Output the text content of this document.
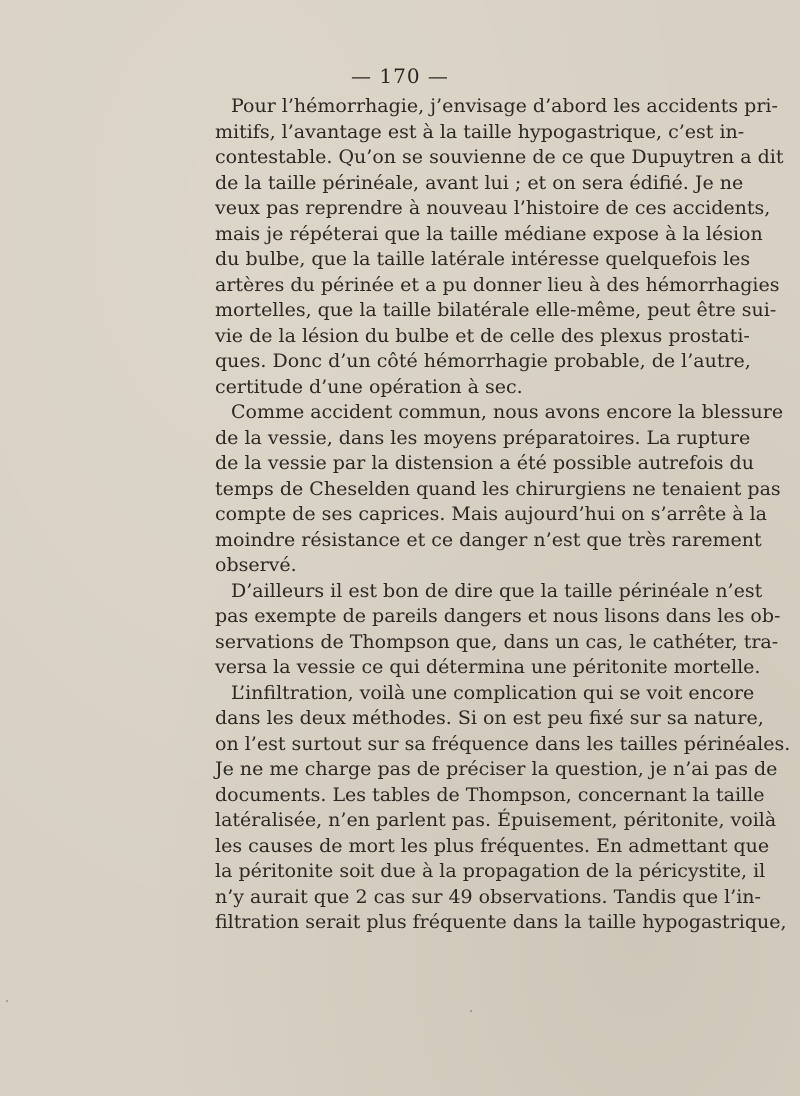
— 170 —
Pour l’hémorrhagie, j’envisage d’abord les accidents pri-
mitifs, l’avantage est à la taille hypogastrique, c’est in-
contestable. Qu’on se souvienne de ce que Dupuytren a dit
de la taille périnéale, avant lui ; et on sera édifié. Je ne
veux pas reprendre à nouveau l’histoire de ces accidents,
mais je répéterai que la taille médiane expose à la lésion
du bulbe, que la taille latérale intéresse quelquefois les
artères du périnée et a pu donner lieu à des hémorrhagies
mortelles, que la taille bilatérale elle-même, peut être sui-
vie de la lésion du bulbe et de celle des plexus prostati-
ques. Donc d’un côté hémorrhagie probable, de l’autre,
certitude d’une opération à sec.
Comme accident commun, nous avons encore la blessure
de la vessie, dans les moyens préparatoires. La rupture
de la vessie par la distension a été possible autrefois du
temps de Cheselden quand les chirurgiens ne tenaient pas
compte de ses caprices. Mais aujourd’hui on s’arrête à la
moindre résistance et ce danger n’est que très rarement
observé.
D’ailleurs il est bon de dire que la taille périnéale n’est
pas exempte de pareils dangers et nous lisons dans les ob-
servations de Thompson que, dans un cas, le cathéter, tra-
versa la vessie ce qui détermina une péritonite mortelle.
L’infiltration, voilà une complication qui se voit encore
dans les deux méthodes. Si on est peu fixé sur sa nature,
on l’est surtout sur sa fréquence dans les tailles périnéales.
Je ne me charge pas de préciser la question, je n’ai pas de
documents. Les tables de Thompson, concernant la taille
latéralisée, n’en parlent pas. Épuisement, péritonite, voilà
les causes de mort les plus fréquentes. En admettant que
la péritonite soit due à la propagation de la péricystite, il
n’y aurait que 2 cas sur 49 observations. Tandis que l’in-
filtration serait plus fréquente dans la taille hypogastrique,
